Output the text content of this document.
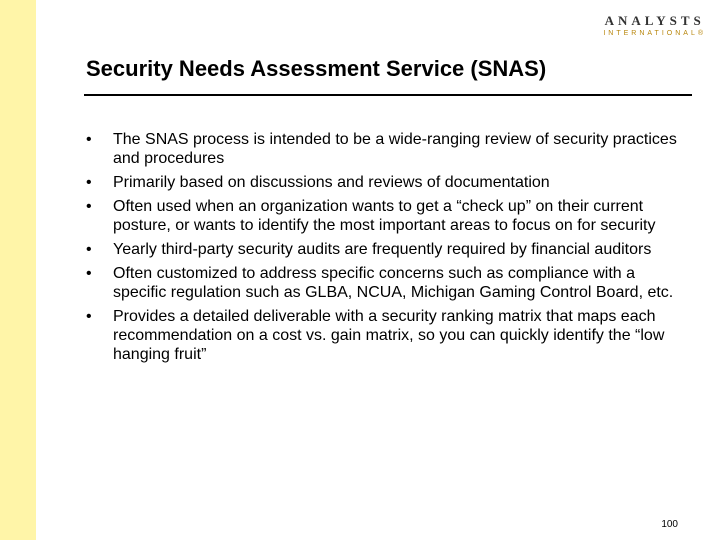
ANALYSTS
INTERNATIONAL®
Security Needs Assessment Service (SNAS)
• The SNAS process is intended to be a wide-ranging review of security practices and procedures
• Primarily based on discussions and reviews of documentation
• Often used when an organization wants to get a “check up” on their current posture, or wants to identify the most important areas to focus on for security
• Yearly third-party security audits are frequently required by financial auditors
• Often customized to address specific concerns such as compliance with a specific regulation such as GLBA, NCUA, Michigan Gaming Control Board, etc.
• Provides a detailed deliverable with a security ranking matrix that maps each recommendation on a cost vs. gain matrix, so you can quickly identify the “low hanging fruit”
100
